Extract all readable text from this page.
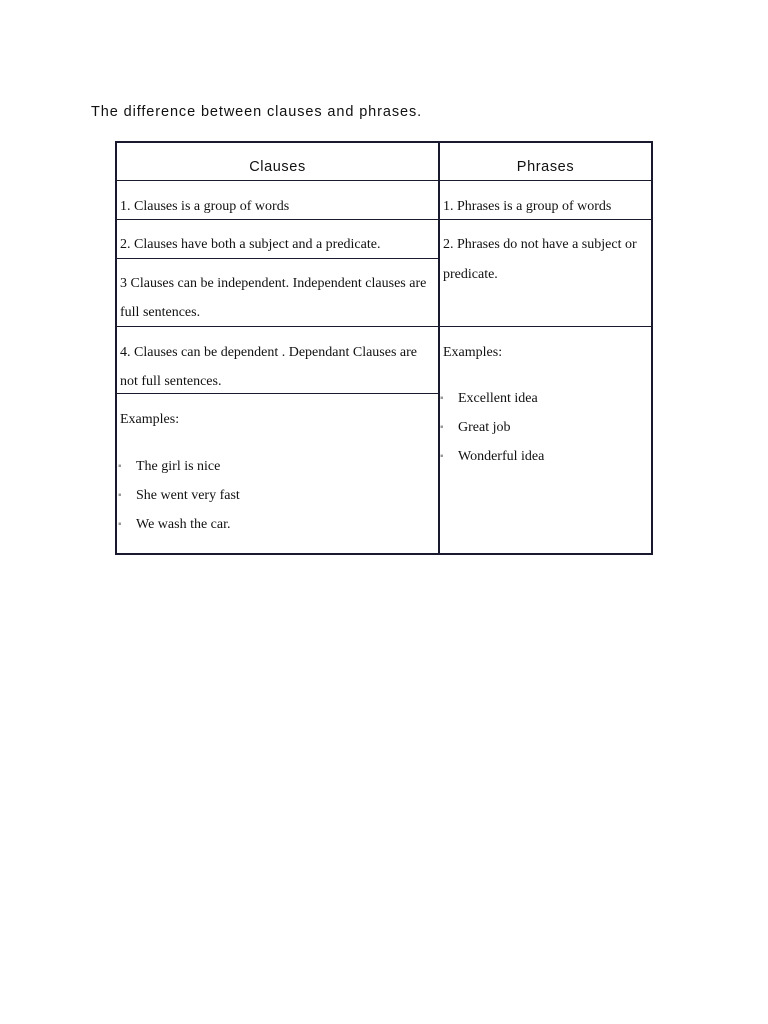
The difference between clauses and phrases.
Clauses	Phrases

1. Clauses is a group of words

2. Clauses have both a subject and a predicate.

3 Clauses can be independent. Independent clauses are

full sentences.

4. Clauses can be dependent . Dependant Clauses are

not full sentences.

Examples:

▪ The girl is nice
▪ She went very fast
▪ We wash the car.

1. Phrases is a group of words

2. Phrases do not have a subject or

predicate.

Examples:

▪ Excellent idea
▪ Great job
▪ Wonderful idea
